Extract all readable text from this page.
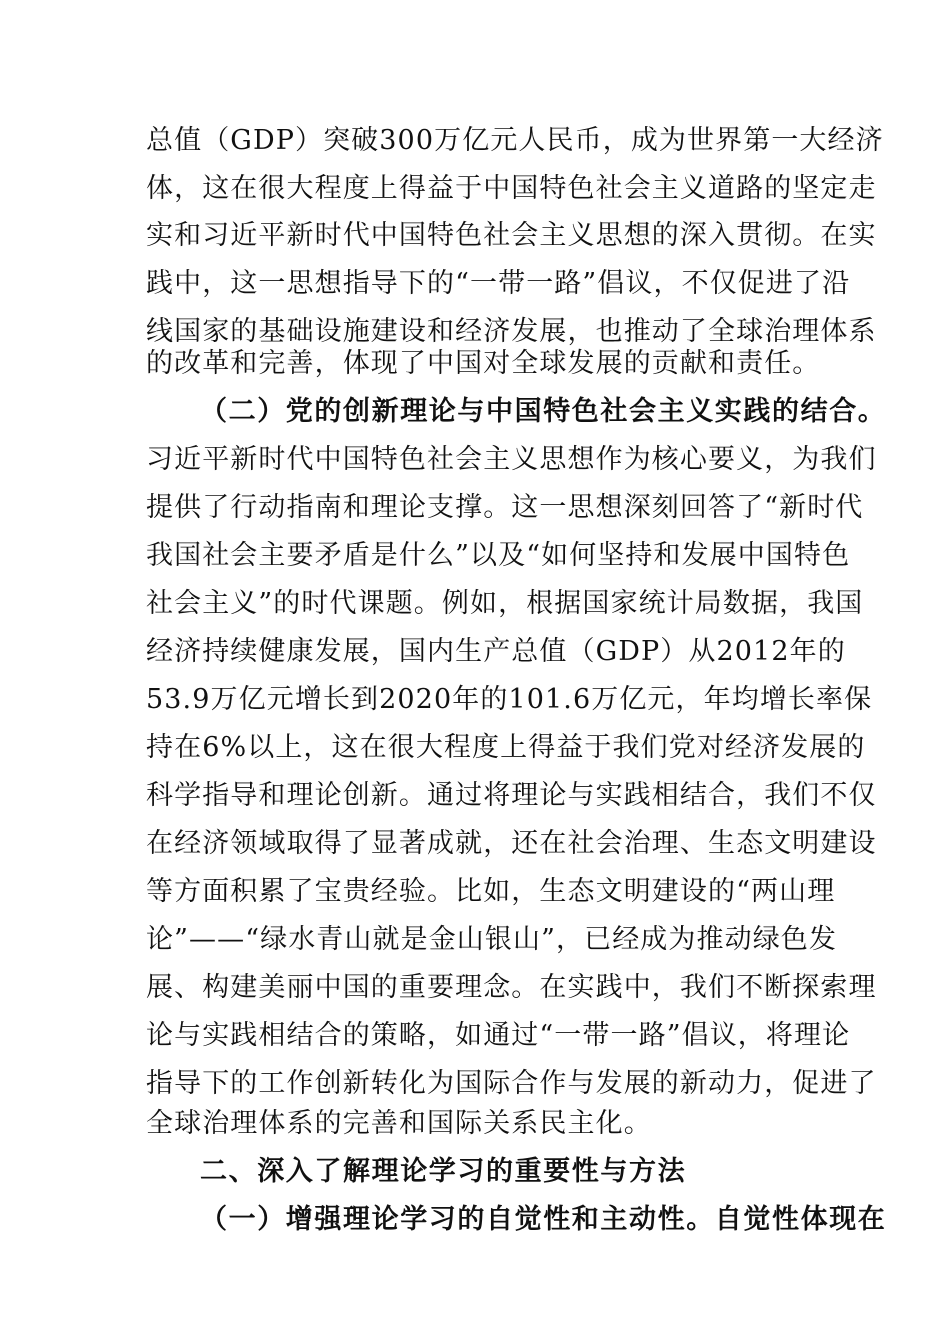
总值（GDP）突破300万亿元人民币，成为世界第一大经济
体，这在很大程度上得益于中国特色社会主义道路的坚定走
实和习近平新时代中国特色社会主义思想的深入贯彻。在实
践中，这一思想指导下的“一带一路”倡议，不仅促进了沿
线国家的基础设施建设和经济发展，也推动了全球治理体系
的改革和完善，体现了中国对全球发展的贡献和责任。
（二）党的创新理论与中国特色社会主义实践的结合。
习近平新时代中国特色社会主义思想作为核心要义，为我们
提供了行动指南和理论支撑。这一思想深刻回答了“新时代
我国社会主要矛盾是什么”以及“如何坚持和发展中国特色
社会主义”的时代课题。例如，根据国家统计局数据，我国
经济持续健康发展，国内生产总值（GDP）从2012年的
53.9万亿元增长到2020年的101.6万亿元，年均增长率保
持在6%以上，这在很大程度上得益于我们党对经济发展的
科学指导和理论创新。通过将理论与实践相结合，我们不仅
在经济领域取得了显著成就，还在社会治理、生态文明建设
等方面积累了宝贵经验。比如，生态文明建设的“两山理
论”——“绿水青山就是金山银山”，已经成为推动绿色发
展、构建美丽中国的重要理念。在实践中，我们不断探索理
论与实践相结合的策略，如通过“一带一路”倡议，将理论
指导下的工作创新转化为国际合作与发展的新动力，促进了
全球治理体系的完善和国际关系民主化。
二、深入了解理论学习的重要性与方法
（一）增强理论学习的自觉性和主动性。自觉性体现在
